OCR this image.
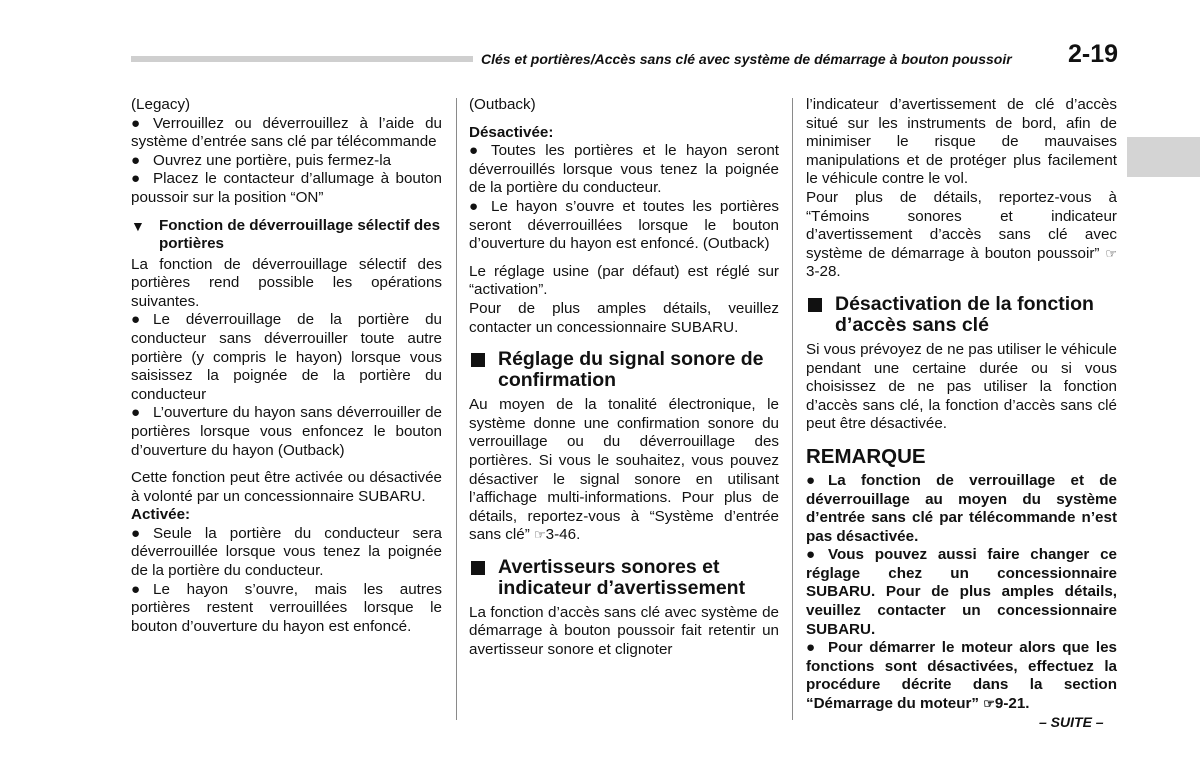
Clés et portières/Accès sans clé avec système de démarrage à bouton poussoir	2-19

(Legacy)

● Verrouillez ou déverrouillez à l’aide du système d’entrée sans clé par télécommande

● Ouvrez une portière, puis fermez-la

● Placez le contacteur d’allumage à bouton poussoir sur la position “ON”

▼ Fonction de déverrouillage sélectif des portières

La fonction de déverrouillage sélectif des portières rend possible les opérations suivantes.

● Le déverrouillage de la portière du conducteur sans déverrouiller toute autre portière (y compris le hayon) lorsque vous saisissez la poignée de la portière du conducteur

● L’ouverture du hayon sans déverrouiller de portières lorsque vous enfoncez le bouton d’ouverture du hayon (Outback)

Cette fonction peut être activée ou désactivée à volonté par un concessionnaire SUBARU.

Activée:

● Seule la portière du conducteur sera déverrouillée lorsque vous tenez la poignée de la portière du conducteur.

● Le hayon s’ouvre, mais les autres portières restent verrouillées lorsque le bouton d’ouverture du hayon est enfoncé.

(Outback)

Désactivée:

● Toutes les portières et le hayon seront déverrouillés lorsque vous tenez la poignée de la portière du conducteur.

● Le hayon s’ouvre et toutes les portières seront déverrouillées lorsque le bouton d’ouverture du hayon est enfoncé. (Outback)

Le réglage usine (par défaut) est réglé sur “activation”.

Pour de plus amples détails, veuillez contacter un concessionnaire SUBARU.

Réglage du signal sonore de confirmation

Au moyen de la tonalité électronique, le système donne une confirmation sonore du verrouillage ou du déverrouillage des portières. Si vous le souhaitez, vous pouvez désactiver le signal sonore en utilisant l’affichage multi-informations. Pour plus de détails, reportez-vous à “Système d’entrée sans clé” ☞3-46.

Avertisseurs sonores et indicateur d’avertissement

La fonction d’accès sans clé avec système de démarrage à bouton poussoir fait retentir un avertisseur sonore et clignoter

l’indicateur d’avertissement de clé d’accès situé sur les instruments de bord, afin de minimiser le risque de mauvaises manipulations et de protéger plus facilement le véhicule contre le vol.

Pour plus de détails, reportez-vous à “Témoins sonores et indicateur d’avertissement d’accès sans clé avec système de démarrage à bouton poussoir” ☞3-28.

Désactivation de la fonction d’accès sans clé

Si vous prévoyez de ne pas utiliser le véhicule pendant une certaine durée ou si vous choisissez de ne pas utiliser la fonction d’accès sans clé, la fonction d’accès sans clé peut être désactivée.

REMARQUE

● La fonction de verrouillage et de déverrouillage au moyen du système d’entrée sans clé par télécommande n’est pas désactivée.

● Vous pouvez aussi faire changer ce réglage chez un concessionnaire SUBARU. Pour de plus amples détails, veuillez contacter un concessionnaire SUBARU.

● Pour démarrer le moteur alors que les fonctions sont désactivées, effectuez la procédure décrite dans la section “Démarrage du moteur” ☞9-21.

– SUITE –
